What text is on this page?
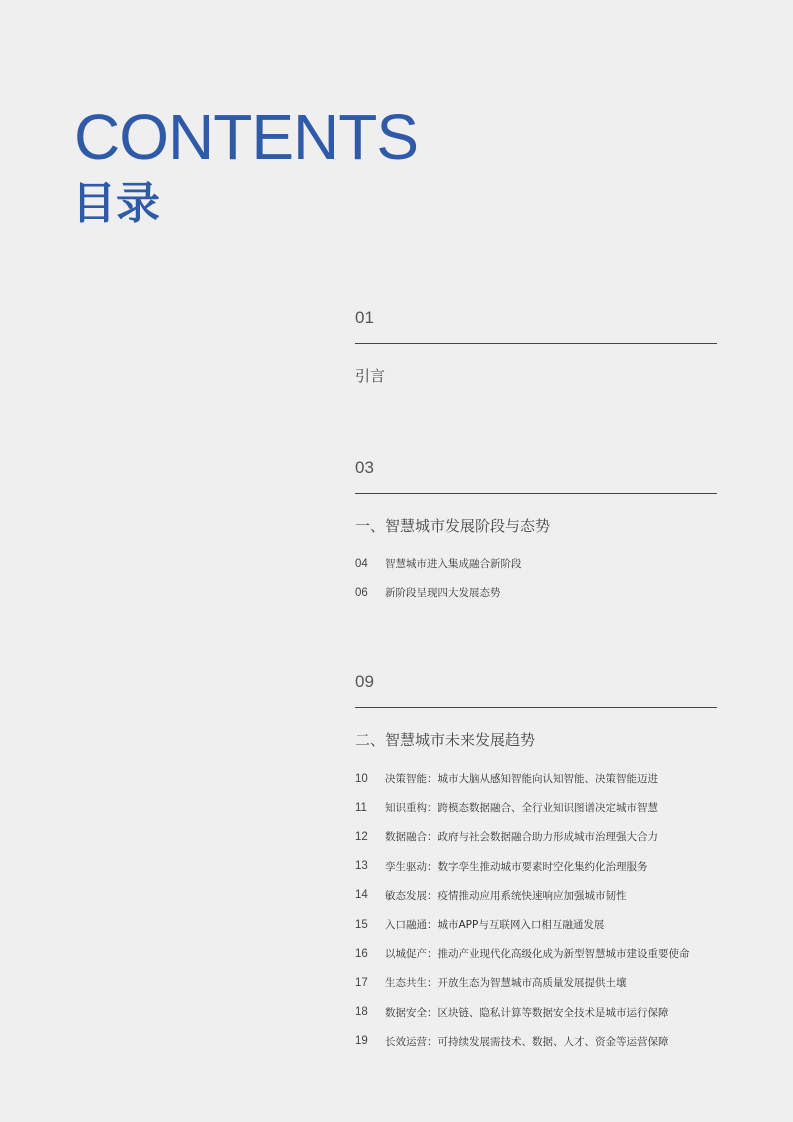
CONTENTS
目录
01
引言
03
一、智慧城市发展阶段与态势
04	智慧城市进入集成融合新阶段
06	新阶段呈现四大发展态势
09
二、智慧城市未来发展趋势
10	决策智能：城市大脑从感知智能向认知智能、决策智能迈进
11	知识重构：跨模态数据融合、全行业知识图谱决定城市智慧
12	数据融合：政府与社会数据融合助力形成城市治理强大合力
13	孪生驱动：数字孪生推动城市要素时空化集约化治理服务
14	敏态发展：疫情推动应用系统快速响应加强城市韧性
15	入口融通：城市APP与互联网入口相互融通发展
16	以城促产：推动产业现代化高级化成为新型智慧城市建设重要使命
17	生态共生：开放生态为智慧城市高质量发展提供土壤
18	数据安全：区块链、隐私计算等数据安全技术是城市运行保障
19	长效运营：可持续发展需技术、数据、人才、资金等运营保障
